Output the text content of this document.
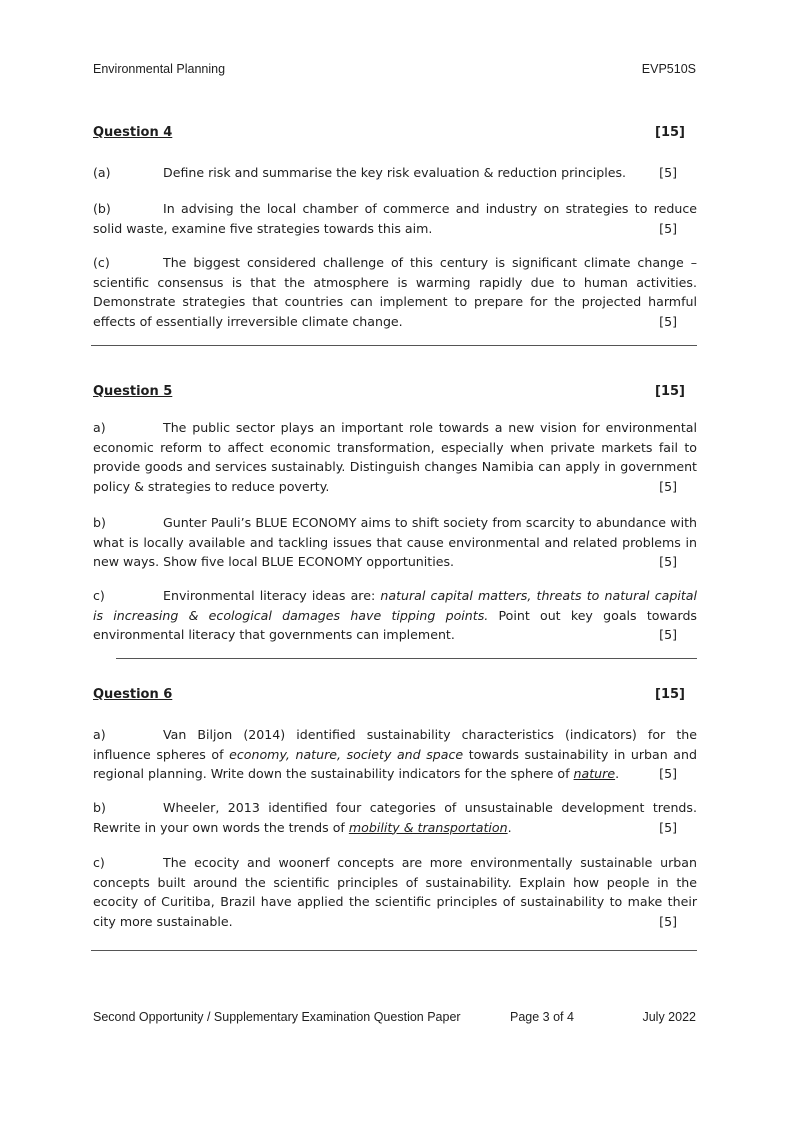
Environmental Planning	EVP510S
Question 4	[15]

(a)	Define risk and summarise the key risk evaluation & reduction principles.	[5]

(b)	In advising the local chamber of commerce and industry on strategies to reduce solid waste, examine five strategies towards this aim.	[5]

(c)	The biggest considered challenge of this century is significant climate change – scientific consensus is that the atmosphere is warming rapidly due to human activities. Demonstrate strategies that countries can implement to prepare for the projected harmful effects of essentially irreversible climate change.	[5]

Question 5	[15]

a)	The public sector plays an important role towards a new vision for environmental economic reform to affect economic transformation, especially when private markets fail to provide goods and services sustainably. Distinguish changes Namibia can apply in government policy & strategies to reduce poverty.	[5]

b)	Gunter Pauli’s BLUE ECONOMY aims to shift society from scarcity to abundance with what is locally available and tackling issues that cause environmental and related problems in new ways. Show five local BLUE ECONOMY opportunities.	[5]

c)	Environmental literacy ideas are: natural capital matters, threats to natural capital is increasing & ecological damages have tipping points. Point out key goals towards environmental literacy that governments can implement.	[5]

Question 6	[15]

a)	Van Biljon (2014) identified sustainability characteristics (indicators) for the influence spheres of economy, nature, society and space towards sustainability in urban and regional planning. Write down the sustainability indicators for the sphere of nature.	[5]

b)	Wheeler, 2013 identified four categories of unsustainable development trends. Rewrite in your own words the trends of mobility & transportation.	[5]

c)	The ecocity and woonerf concepts are more environmentally sustainable urban concepts built around the scientific principles of sustainability. Explain how people in the ecocity of Curitiba, Brazil have applied the scientific principles of sustainability to make their city more sustainable.	[5]

Second Opportunity / Supplementary Examination Question Paper	Page 3 of 4	July 2022
